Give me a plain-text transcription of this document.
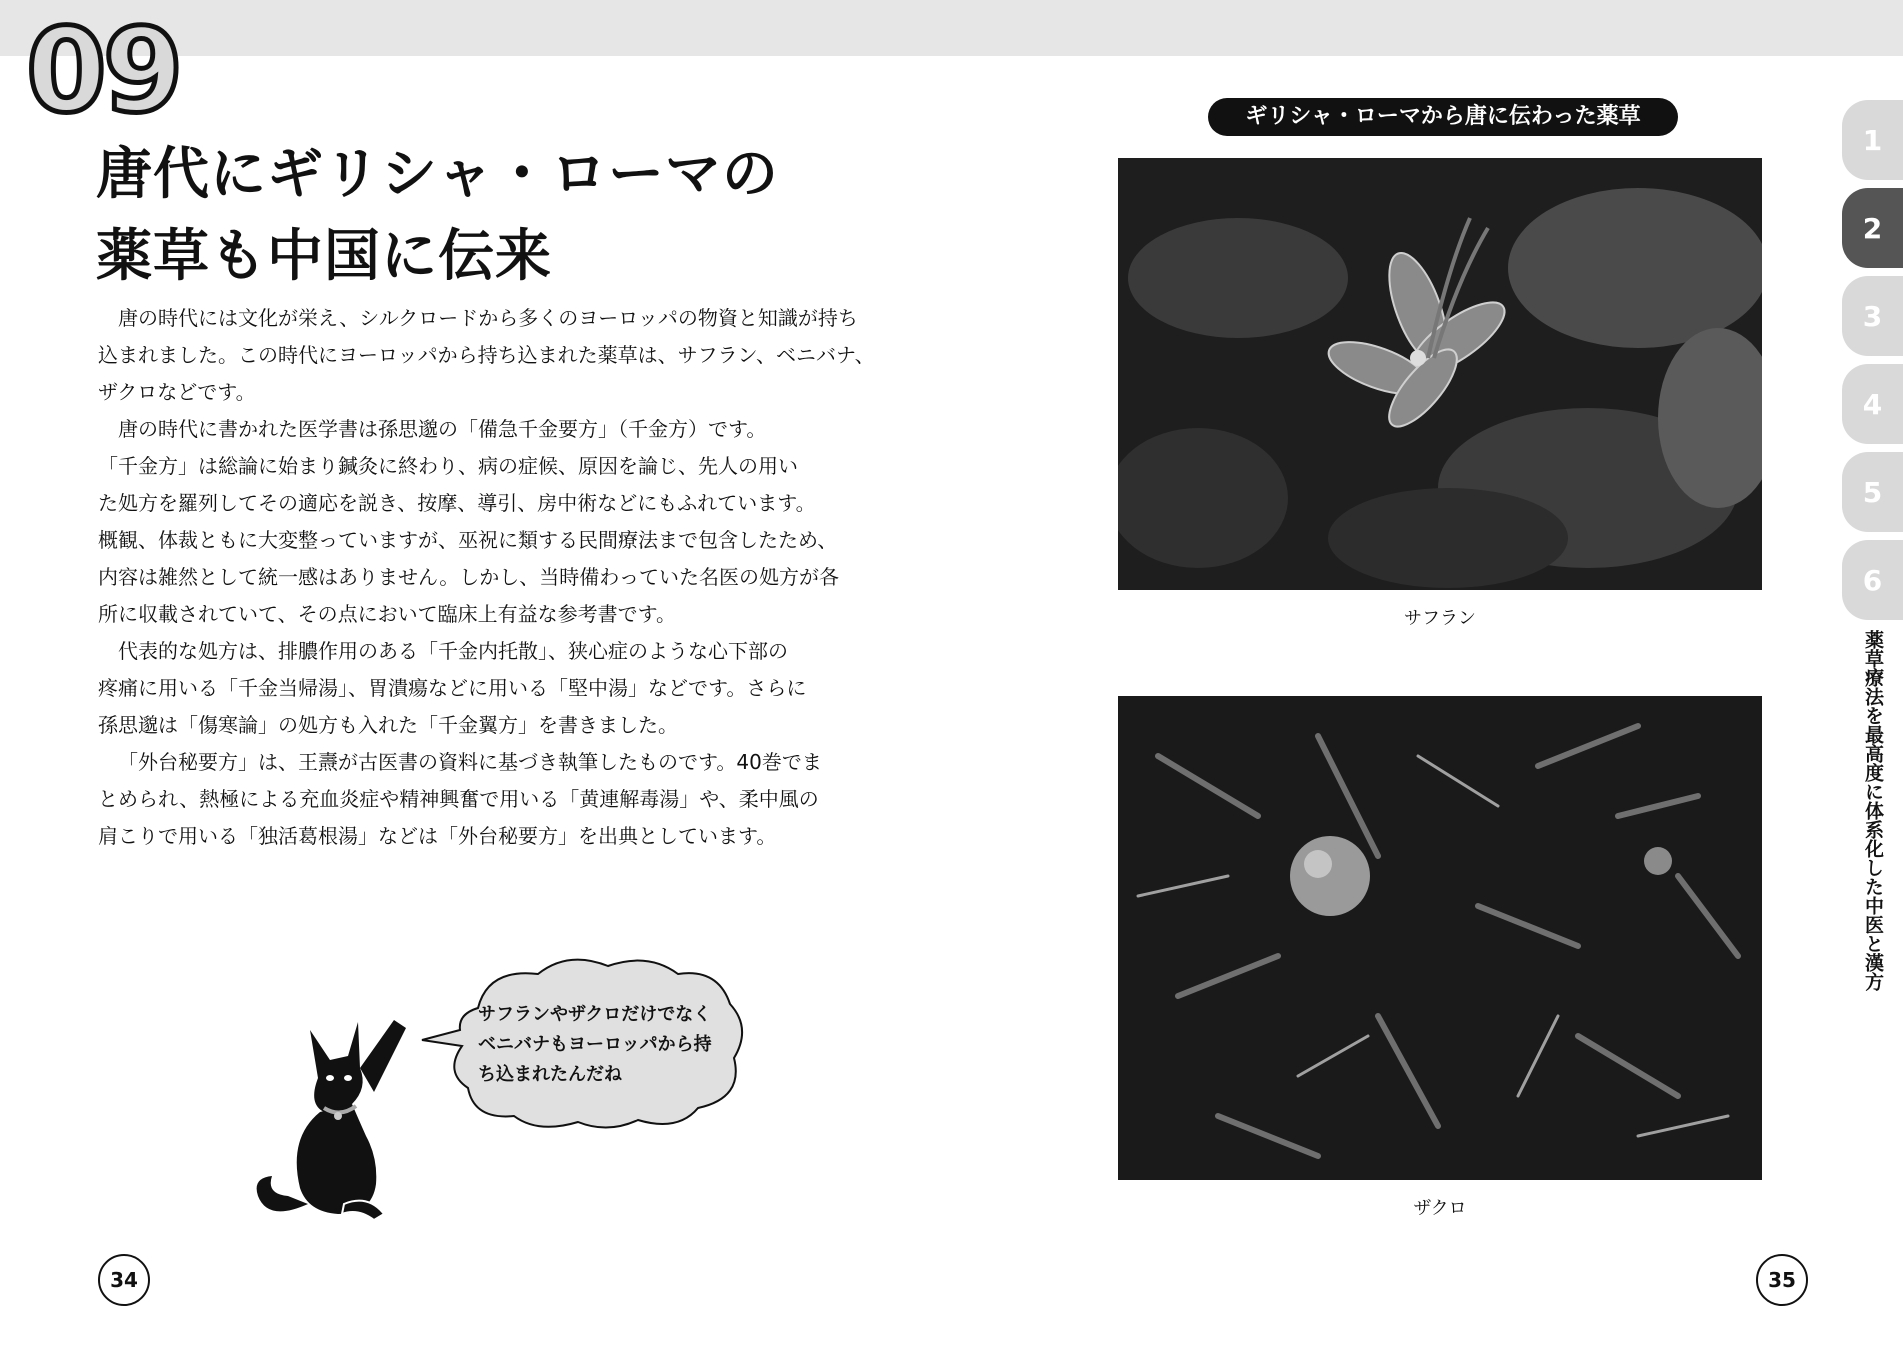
09
唐代にギリシャ・ローマの
薬草も中国に伝来

唐の時代には文化が栄え、シルクロードから多くのヨーロッパの物資と知識が持ち

込まれました。この時代にヨーロッパから持ち込まれた薬草は、サフラン、ベニバナ、

ザクロなどです。

唐の時代に書かれた医学書は孫思邈の「備急千金要方」（千金方）です。

「千金方」は総論に始まり鍼灸に終わり、病の症候、原因を論じ、先人の用い

た処方を羅列してその適応を説き、按摩、導引、房中術などにもふれています。

概観、体裁ともに大変整っていますが、巫祝に類する民間療法まで包含したため、

内容は雑然として統一感はありません。しかし、当時備わっていた名医の処方が各

所に収載されていて、その点において臨床上有益な参考書です。

代表的な処方は、排膿作用のある「千金内托散」、狭心症のような心下部の

疼痛に用いる「千金当帰湯」、胃潰瘍などに用いる「堅中湯」などです。さらに

孫思邈は「傷寒論」の処方も入れた「千金翼方」を書きました。

「外台秘要方」は、王燾が古医書の資料に基づき執筆したものです。40巻でま

とめられ、熱極による充血炎症や精神興奮で用いる「黄連解毒湯」や、柔中風の

肩こりで用いる「独活葛根湯」などは「外台秘要方」を出典としています。

サフランやザクロだけでなく
ベニバナもヨーロッパから持
ち込まれたんだね
34
ギリシャ・ローマから唐に伝わった薬草
サフラン
ザクロ
35
1
2
3
4
5
6
薬草療法を最高度に体系化した中医と漢方
